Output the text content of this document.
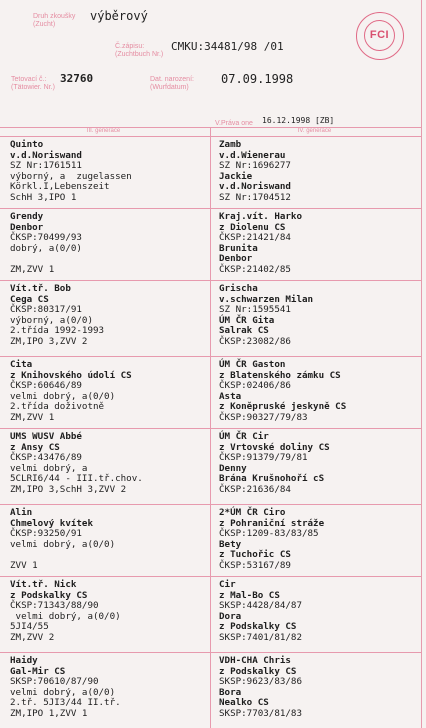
Druh zkoušky
(Zucht)
výběrový
Č.zápisu:
(Zuchtbuch Nr.)
CMKU:34481/98 /01
Tetovací č.:
(Tätowier. Nr.)
32760	Dat. narození:
(Wurfdatum)
07.09.1998
V.Práva one 16.12.1998 [ZB]
FCI
III. generace	IV. generace
Quinto
v.d.Noriswand
SZ Nr:1761511
výborný, a  zugelassen
Körkl.I,Lebenszeit
SchH 3,IPO 1
Zamb
v.d.Wienerau
SZ Nr:1696277
Jackie
v.d.Noriswand
SZ Nr:1704512
Grendy
Denbor
ČKSP:70499/93
dobrý, a(0/0)
ZM,ZVV 1
Kraj.vít. Harko
z Diolenu CS
ČKSP:21421/84
Brunita
Denbor
ČKSP:21402/85
Vít.tř. Bob
Cega CS
ČKSP:80317/91
výborný, a(0/0)
2.třída 1992-1993
ZM,IPO 3,ZVV 2
Grischa
v.schwarzen Milan
SZ Nr:1595541
ÚM ČR Gita
Salrak CS
ČKSP:23082/86
Cita
z Knihovského údolí CS
ČKSP:60646/89
velmi dobrý, a(0/0)
2.třída doživotně
ZM,ZVV 1
ÚM ČR Gaston
z Blatenského zámku CS
ČKSP:02406/86
Asta
z Koněpruské jeskyně CS
ČKSP:90327/79/83
UMS WUSV Abbé
z Ansy CS
ČKSP:43476/89
velmi dobrý, a
5CLRI6/44 - III.tř.chov.
ZM,IPO 3,SchH 3,ZVV 2
ÚM ČR Cir
z Vrtovské doliny CS
ČKSP:91379/79/81
Denny
Brána Krušnohoří cS
ČKSP:21636/84
Alin
Chmelový kvítek
ČKSP:93250/91
velmi dobrý, a(0/0)
ZVV 1
2*ÚM ČR Ciro
z Pohraniční stráže
ČKSP:1209-83/83/85
Bety
z Tuchořic CS
ČKSP:53167/89
Vít.tř. Nick
z Podskalky CS
ČKSP:71343/88/90
velmi dobrý, a(0/0)
5JI4/55
ZM,ZVV 2
Cir
z Mal-Bo CS
SKSP:4428/84/87
Dora
z Podskalky CS
SKSP:7401/81/82
Haidy
Gal-Mir CS
SKSP:70610/87/90
velmi dobrý, a(0/0)
2.tř. 5JI3/44 II.tř.
ZM,IPO 1,ZVV 1
VDH-CHA Chris
z Podskalky CS
SKSP:9623/83/86
Bora
Nealko CS
SKSP:7703/81/83
